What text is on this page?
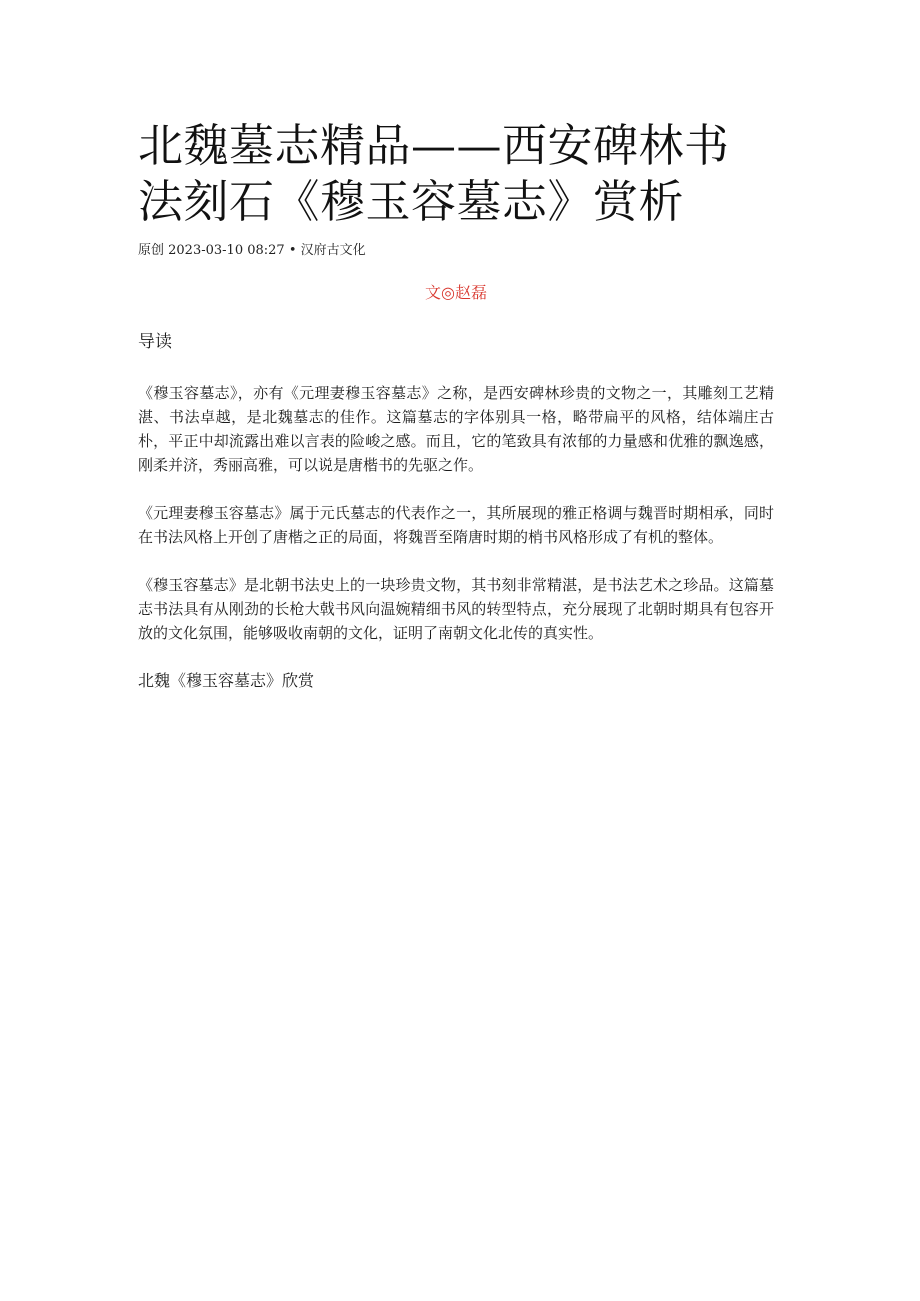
北魏墓志精品——西安碑林书法刻石《穆玉容墓志》赏析
原创 2023-03-10 08:27 • 汉府古文化
文◎赵磊
导读

《穆玉容墓志》，亦有《元理妻穆玉容墓志》之称，是西安碑林珍贵的文物之一，其雕刻工艺精湛、书法卓越，是北魏墓志的佳作。这篇墓志的字体别具一格，略带扁平的风格，结体端庄古朴，平正中却流露出难以言表的险峻之感。而且，它的笔致具有浓郁的力量感和优雅的飘逸感，刚柔并济，秀丽高雅，可以说是唐楷书的先驱之作。

《元理妻穆玉容墓志》属于元氏墓志的代表作之一，其所展现的雅正格调与魏晋时期相承，同时在书法风格上开创了唐楷之正的局面，将魏晋至隋唐时期的梢书风格形成了有机的整体。

《穆玉容墓志》是北朝书法史上的一块珍贵文物，其书刻非常精湛，是书法艺术之珍品。这篇墓志书法具有从刚劲的长枪大戟书风向温婉精细书风的转型特点，充分展现了北朝时期具有包容开放的文化氛围，能够吸收南朝的文化，证明了南朝文化北传的真实性。

北魏《穆玉容墓志》欣赏
